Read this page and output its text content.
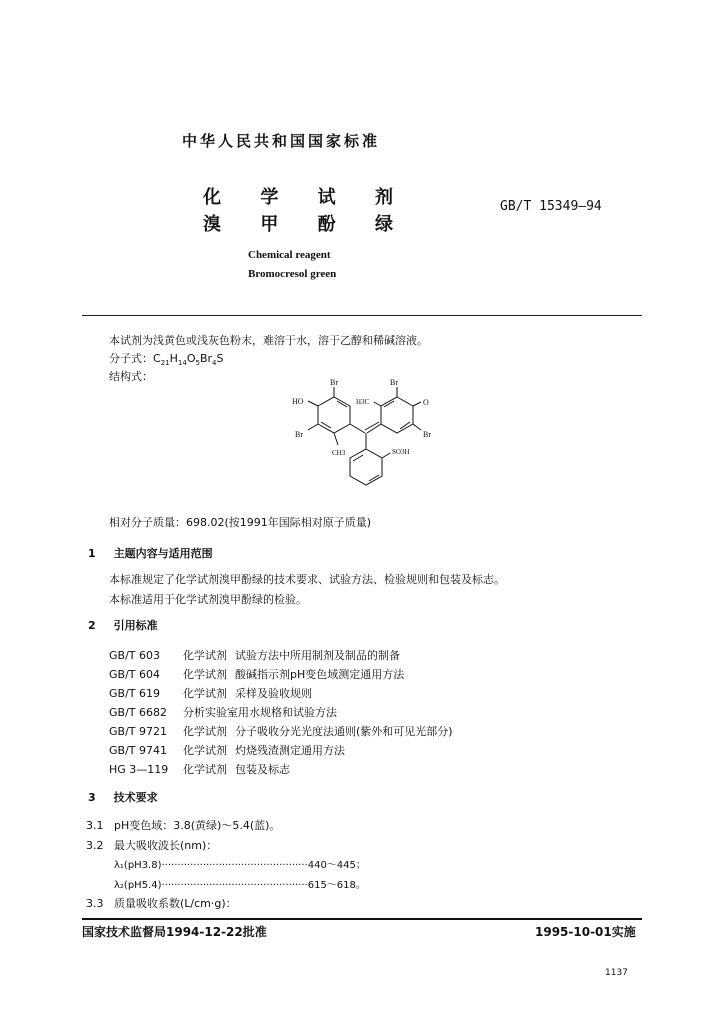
中华人民共和国国家标准
化 学 试 剂
溴 甲 酚 绿
GB/T 15349—94
Chemical reagent
Bromocresol green
本试剂为浅黄色或浅灰色粉末，难溶于水，溶于乙醇和稀碱溶液。
分子式：$C_{21}H_{14}O_5Br_4S$
结构式：	Br	Br
HO	H3C	O
Br	Br
CH3	SO3H
相对分子质量：698.02(按1991年国际相对原子质量)
1 主题内容与适用范围
本标准规定了化学试剂溴甲酚绿的技术要求、试验方法、检验规则和包装及标志。
本标准适用于化学试剂溴甲酚绿的检验。
2 引用标准
GB/T 603 化学试剂 试验方法中所用制剂及制品的制备
GB/T 604 化学试剂 酸碱指示剂pH变色域测定通用方法
GB/T 619 化学试剂 采样及验收规则
GB/T 6682 分析实验室用水规格和试验方法
GB/T 9721 化学试剂 分子吸收分光光度法通则(紫外和可见光部分)
GB/T 9741 化学试剂 灼烧残渣测定通用方法
HG 3—119 化学试剂 包装及标志
3 技术要求
3.1 pH变色域：3.8(黄绿)～5.4(蓝)。
3.2 最大吸收波长(nm)：
λ₁(pH3.8)··············································440～445；
λ₂(pH5.4)··············································615～618。
3.3 质量吸收系数(L/cm·g)：
国家技术监督局1994-12-22批准	1995-10-01实施
1137
